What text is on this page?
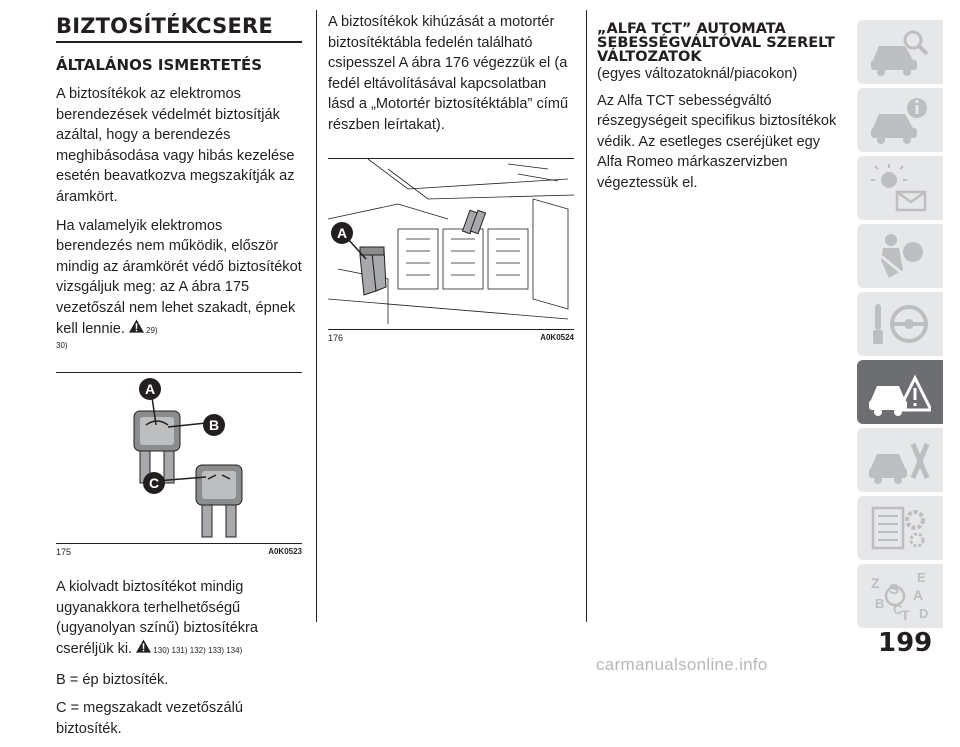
BIZTOSÍTÉKCSERE
ÁLTALÁNOS ISMERTETÉS

A biztosítékok az elektromos berendezések védelmét biztosítják azáltal, hogy a berendezés meghibásodása vagy hibás kezelése esetén beavatkozva megszakítják az áramkört.

Ha valamelyik elektromos berendezés nem működik, először mindig az áramkörét védő biztosítékot vizsgáljuk meg: az A ábra 175 vezetőszál nem lehet szakadt, épnek kell lennie.	29)

30)
A
B
C
175	A0K0523

A kiolvadt biztosítékot mindig ugyanakkora terhelhetőségű (ugyanolyan színű) biztosítékra cseréljük ki.	130) 131) 132) 133) 134)

B = ép biztosíték.

C = megszakadt vezetőszálú biztosíték.

A biztosítékok kihúzását a motortér biztosítéktábla fedelén található csipesszel A ábra 176 végezzük el (a fedél eltávolításával kapcsolatban lásd a „Motortér biztosítéktábla” című részben leírtakat).

A
176	A0K0524
„ALFA TCT” AUTOMATA SEBESSÉGVÁLTÓVAL SZERELT VÁLTOZATOK

(egyes változatoknál/piacokon)

Az Alfa TCT sebességváltó részegységeit specifikus biztosítékok védik. Az esetleges cseréjüket egy Alfa Romeo márkaszervizben végeztessük el.

Z	E
S A
B C
T D
199
carmanualsonline.info
